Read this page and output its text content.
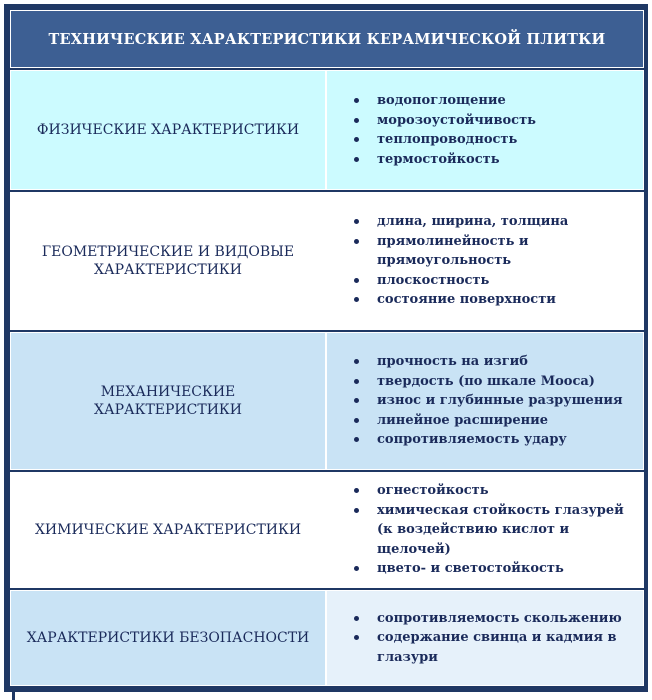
ТЕХНИЧЕСКИЕ ХАРАКТЕРИСТИКИ КЕРАМИЧЕСКОЙ ПЛИТКИ
ФИЗИЧЕСКИЕ ХАРАКТЕРИСТИКИ
водопоглощение
морозоустойчивость
теплопроводность
термостойкость
ГЕОМЕТРИЧЕСКИЕ И ВИДОВЫЕ ХАРАКТЕРИСТИКИ
длина, ширина, толщина
прямолинейность и прямоугольность
плоскостность
состояние поверхности
МЕХАНИЧЕСКИЕ ХАРАКТЕРИСТИКИ
прочность на изгиб
твердость (по шкале Мооса)
износ и глубинные разрушения
линейное расширение
сопротивляемость удару
ХИМИЧЕСКИЕ ХАРАКТЕРИСТИКИ
огнестойкость
химическая стойкость глазурей (к воздействию кислот и щелочей)
цвето- и светостойкость
ХАРАКТЕРИСТИКИ БЕЗОПАСНОСТИ
сопротивляемость скольжению
содержание свинца и кадмия в глазури
